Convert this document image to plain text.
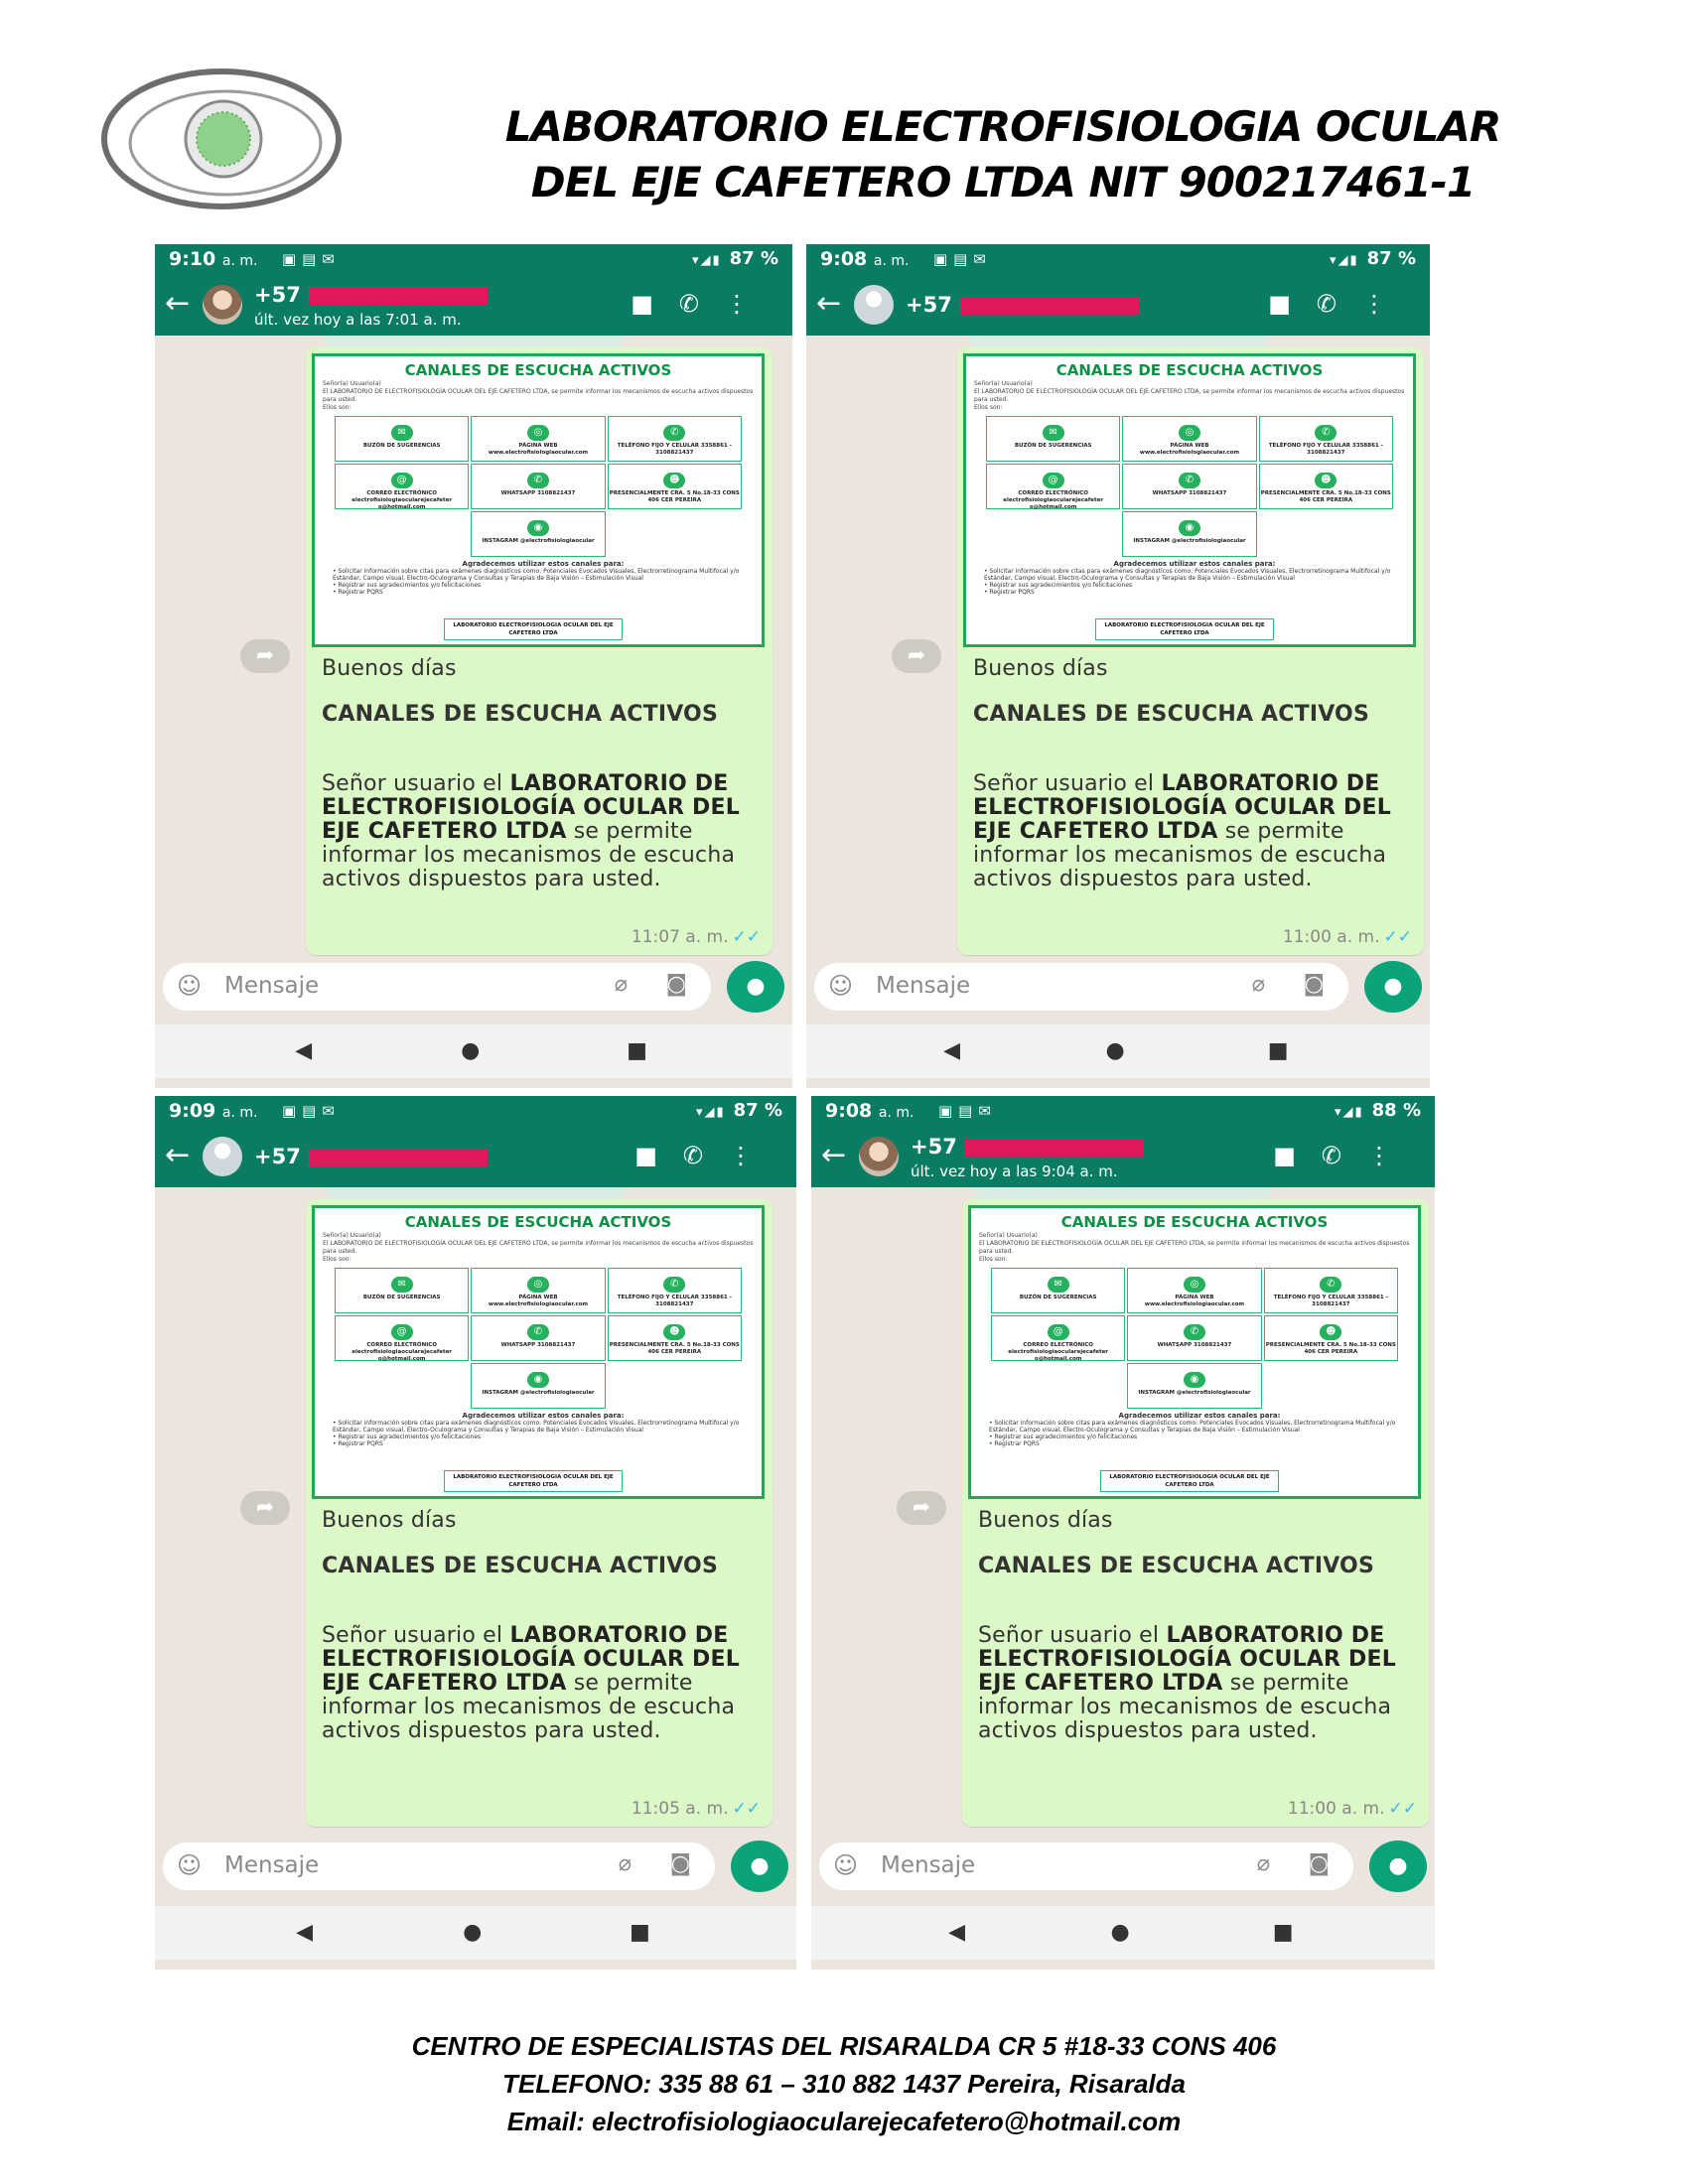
LABORATORIO ELECTROFISIOLOGIA OCULAR
DEL EJE CAFETERO LTDA NIT 900217461-1
CENTRO DE ESPECIALISTAS DEL RISARALDA CR 5 #18-33 CONS 406
TELEFONO: 335 88 61 – 310 882 1437 Pereira, Risaralda
Email: electrofisiologiaocularejecafetero@hotmail.com
9:10 a. m. ▣▤✉	▾◢▮ 87 %
←	+57
últ. vez hoy a las 7:01 a. m.
■✆⋮
➦
CANALES DE ESCUCHA ACTIVOS
Señor(a) Usuario(a)
El LABORATORIO DE ELECTROFISIOLOGÍA OCULAR DEL EJE CAFETERO LTDA, se permite informar los mecanismos de escucha activos dispuestos para usted.
Ellos son:
✉
BUZÓN DE SUGERENCIAS
◎
PÁGINA WEB www.electrofisiologiaocular.com
✆
TELÉFONO FIJO Y CELULAR 3358861 - 3108821437
@
CORREO ELECTRÓNICO electrofisiologiaocularejecafeter o@hotmail.com
✆
WHATSAPP 3108821437
☻
PRESENCIALMENTE CRA. 5 No.18-33 CONS 406 CER PEREIRA
◉
INSTAGRAM @electrofisiologiaocular
Agradecemos utilizar estos canales para:
• Solicitar información sobre citas para exámenes diagnósticos como: Potenciales Evocados Visuales, Electrorretinograma Multifocal y/o Estándar, Campo visual, Electro-Oculograma y Consultas y Terapias de Baja Visión – Estimulación Visual
• Registrar sus agradecimientos y/o felicitaciones
• Registrar PQRS
LABORATORIO ELECTROFISIOLOGIA OCULAR DEL EJE CAFETERO LTDA
Buenos días
CANALES DE ESCUCHA ACTIVOS
Señor usuario el LABORATORIO DE ELECTROFISIOLOGÍA OCULAR DEL EJE CAFETERO LTDA se permite informar los mecanismos de escucha activos dispuestos para usted.
11:07 a. m. ✓✓
☺ Mensaje	⌀ ◙	●
◀	●	■
9:08 a. m. ▣▤✉	▾◢▮ 87 %
←	+57	■✆⋮
➦
CANALES DE ESCUCHA ACTIVOS
Señor(a) Usuario(a)
El LABORATORIO DE ELECTROFISIOLOGÍA OCULAR DEL EJE CAFETERO LTDA, se permite informar los mecanismos de escucha activos dispuestos para usted.
Ellos son:
✉
BUZÓN DE SUGERENCIAS
◎
PÁGINA WEB www.electrofisiologiaocular.com
✆
TELÉFONO FIJO Y CELULAR 3358861 - 3108821437
@
CORREO ELECTRÓNICO electrofisiologiaocularejecafeter o@hotmail.com
✆
WHATSAPP 3108821437
☻
PRESENCIALMENTE CRA. 5 No.18-33 CONS 406 CER PEREIRA
◉
INSTAGRAM @electrofisiologiaocular
Agradecemos utilizar estos canales para:
• Solicitar información sobre citas para exámenes diagnósticos como: Potenciales Evocados Visuales, Electrorretinograma Multifocal y/o Estándar, Campo visual, Electro-Oculograma y Consultas y Terapias de Baja Visión – Estimulación Visual
• Registrar sus agradecimientos y/o felicitaciones
• Registrar PQRS
LABORATORIO ELECTROFISIOLOGIA OCULAR DEL EJE CAFETERO LTDA
Buenos días
CANALES DE ESCUCHA ACTIVOS
Señor usuario el LABORATORIO DE ELECTROFISIOLOGÍA OCULAR DEL EJE CAFETERO LTDA se permite informar los mecanismos de escucha activos dispuestos para usted.
11:00 a. m. ✓✓
☺ Mensaje	⌀ ◙	●
◀	●	■
9:09 a. m. ▣▤✉	▾◢▮ 87 %
←	+57	■✆⋮
➦
CANALES DE ESCUCHA ACTIVOS
Señor(a) Usuario(a)
El LABORATORIO DE ELECTROFISIOLOGÍA OCULAR DEL EJE CAFETERO LTDA, se permite informar los mecanismos de escucha activos dispuestos para usted.
Ellos son:
✉
BUZÓN DE SUGERENCIAS
◎
PÁGINA WEB www.electrofisiologiaocular.com
✆
TELÉFONO FIJO Y CELULAR 3358861 - 3108821437
@
CORREO ELECTRÓNICO electrofisiologiaocularejecafeter o@hotmail.com
✆
WHATSAPP 3108821437
☻
PRESENCIALMENTE CRA. 5 No.18-33 CONS 406 CER PEREIRA
◉
INSTAGRAM @electrofisiologiaocular
Agradecemos utilizar estos canales para:
• Solicitar información sobre citas para exámenes diagnósticos como: Potenciales Evocados Visuales, Electrorretinograma Multifocal y/o Estándar, Campo visual, Electro-Oculograma y Consultas y Terapias de Baja Visión – Estimulación Visual
• Registrar sus agradecimientos y/o felicitaciones
• Registrar PQRS
LABORATORIO ELECTROFISIOLOGIA OCULAR DEL EJE CAFETERO LTDA
Buenos días
CANALES DE ESCUCHA ACTIVOS
Señor usuario el LABORATORIO DE ELECTROFISIOLOGÍA OCULAR DEL EJE CAFETERO LTDA se permite informar los mecanismos de escucha activos dispuestos para usted.
11:05 a. m. ✓✓
☺ Mensaje	⌀ ◙	●
◀	●	■
9:08 a. m. ▣▤✉	▾◢▮ 88 %
←	+57
últ. vez hoy a las 9:04 a. m.
■✆⋮
➦
CANALES DE ESCUCHA ACTIVOS
Señor(a) Usuario(a)
El LABORATORIO DE ELECTROFISIOLOGÍA OCULAR DEL EJE CAFETERO LTDA, se permite informar los mecanismos de escucha activos dispuestos para usted.
Ellos son:
✉
BUZÓN DE SUGERENCIAS
◎
PÁGINA WEB www.electrofisiologiaocular.com
✆
TELÉFONO FIJO Y CELULAR 3358861 - 3108821437
@
CORREO ELECTRÓNICO electrofisiologiaocularejecafeter o@hotmail.com
✆
WHATSAPP 3108821437
☻
PRESENCIALMENTE CRA. 5 No.18-33 CONS 406 CER PEREIRA
◉
INSTAGRAM @electrofisiologiaocular
Agradecemos utilizar estos canales para:
• Solicitar información sobre citas para exámenes diagnósticos como: Potenciales Evocados Visuales, Electrorretinograma Multifocal y/o Estándar, Campo visual, Electro-Oculograma y Consultas y Terapias de Baja Visión – Estimulación Visual
• Registrar sus agradecimientos y/o felicitaciones
• Registrar PQRS
LABORATORIO ELECTROFISIOLOGIA OCULAR DEL EJE CAFETERO LTDA
Buenos días
CANALES DE ESCUCHA ACTIVOS
Señor usuario el LABORATORIO DE ELECTROFISIOLOGÍA OCULAR DEL EJE CAFETERO LTDA se permite informar los mecanismos de escucha activos dispuestos para usted.
11:00 a. m. ✓✓
☺ Mensaje	⌀ ◙	●
◀	●	■
